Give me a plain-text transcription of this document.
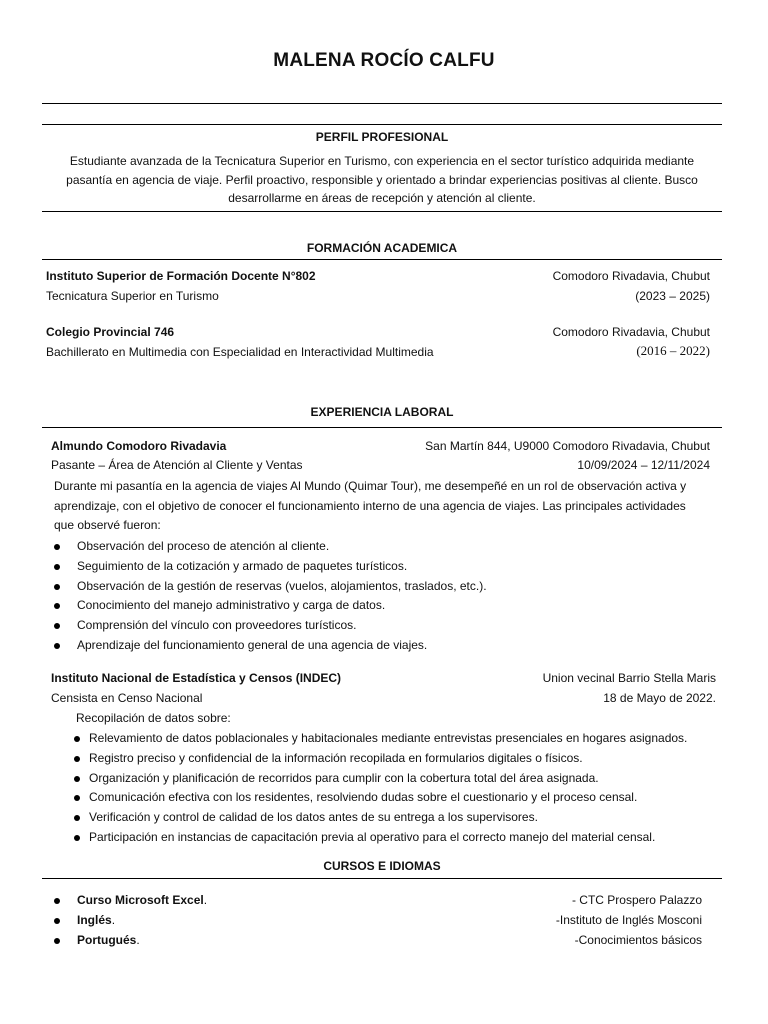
MALENA ROCÍO CALFU
PERFIL PROFESIONAL
Estudiante avanzada de la Tecnicatura Superior en Turismo, con experiencia en el sector turístico adquirida mediante
pasantía en agencia de viaje. Perfil proactivo, responsible y orientado a brindar experiencias positivas al cliente. Busco
desarrollarme en áreas de recepción y atención al cliente.
FORMACIÓN ACADEMICA
Instituto Superior de Formación Docente N°802	Comodoro Rivadavia, Chubut
Tecnicatura Superior en Turismo	(2023 – 2025)
Colegio Provincial 746	Comodoro Rivadavia, Chubut
Bachillerato en Multimedia con Especialidad en Interactividad Multimedia	(2016 – 2022)
EXPERIENCIA LABORAL
Almundo Comodoro Rivadavia	San Martín 844, U9000 Comodoro Rivadavia, Chubut
Pasante – Área de Atención al Cliente y Ventas	10/09/2024 – 12/11/2024
Durante mi pasantía en la agencia de viajes Al Mundo (Quimar Tour), me desempeñé en un rol de observación activa y
aprendizaje, con el objetivo de conocer el funcionamiento interno de una agencia de viajes. Las principales actividades
que observé fueron:
Observación del proceso de atención al cliente.
Seguimiento de la cotización y armado de paquetes turísticos.
Observación de la gestión de reservas (vuelos, alojamientos, traslados, etc.).
Conocimiento del manejo administrativo y carga de datos.
Comprensión del vínculo con proveedores turísticos.
Aprendizaje del funcionamiento general de una agencia de viajes.
Instituto Nacional de Estadística y Censos (INDEC)	Union vecinal Barrio Stella Maris
Censista en Censo Nacional	18 de Mayo de 2022.
Recopilación de datos sobre:
Relevamiento de datos poblacionales y habitacionales mediante entrevistas presenciales en hogares asignados.
Registro preciso y confidencial de la información recopilada en formularios digitales o físicos.
Organización y planificación de recorridos para cumplir con la cobertura total del área asignada.
Comunicación efectiva con los residentes, resolviendo dudas sobre el cuestionario y el proceso censal.
Verificación y control de calidad de los datos antes de su entrega a los supervisores.
Participación en instancias de capacitación previa al operativo para el correcto manejo del material censal.
CURSOS E IDIOMAS
Curso Microsoft Excel.	- CTC Prospero Palazzo
Inglés.	-Instituto de Inglés Mosconi
Portugués.	-Conocimientos básicos
